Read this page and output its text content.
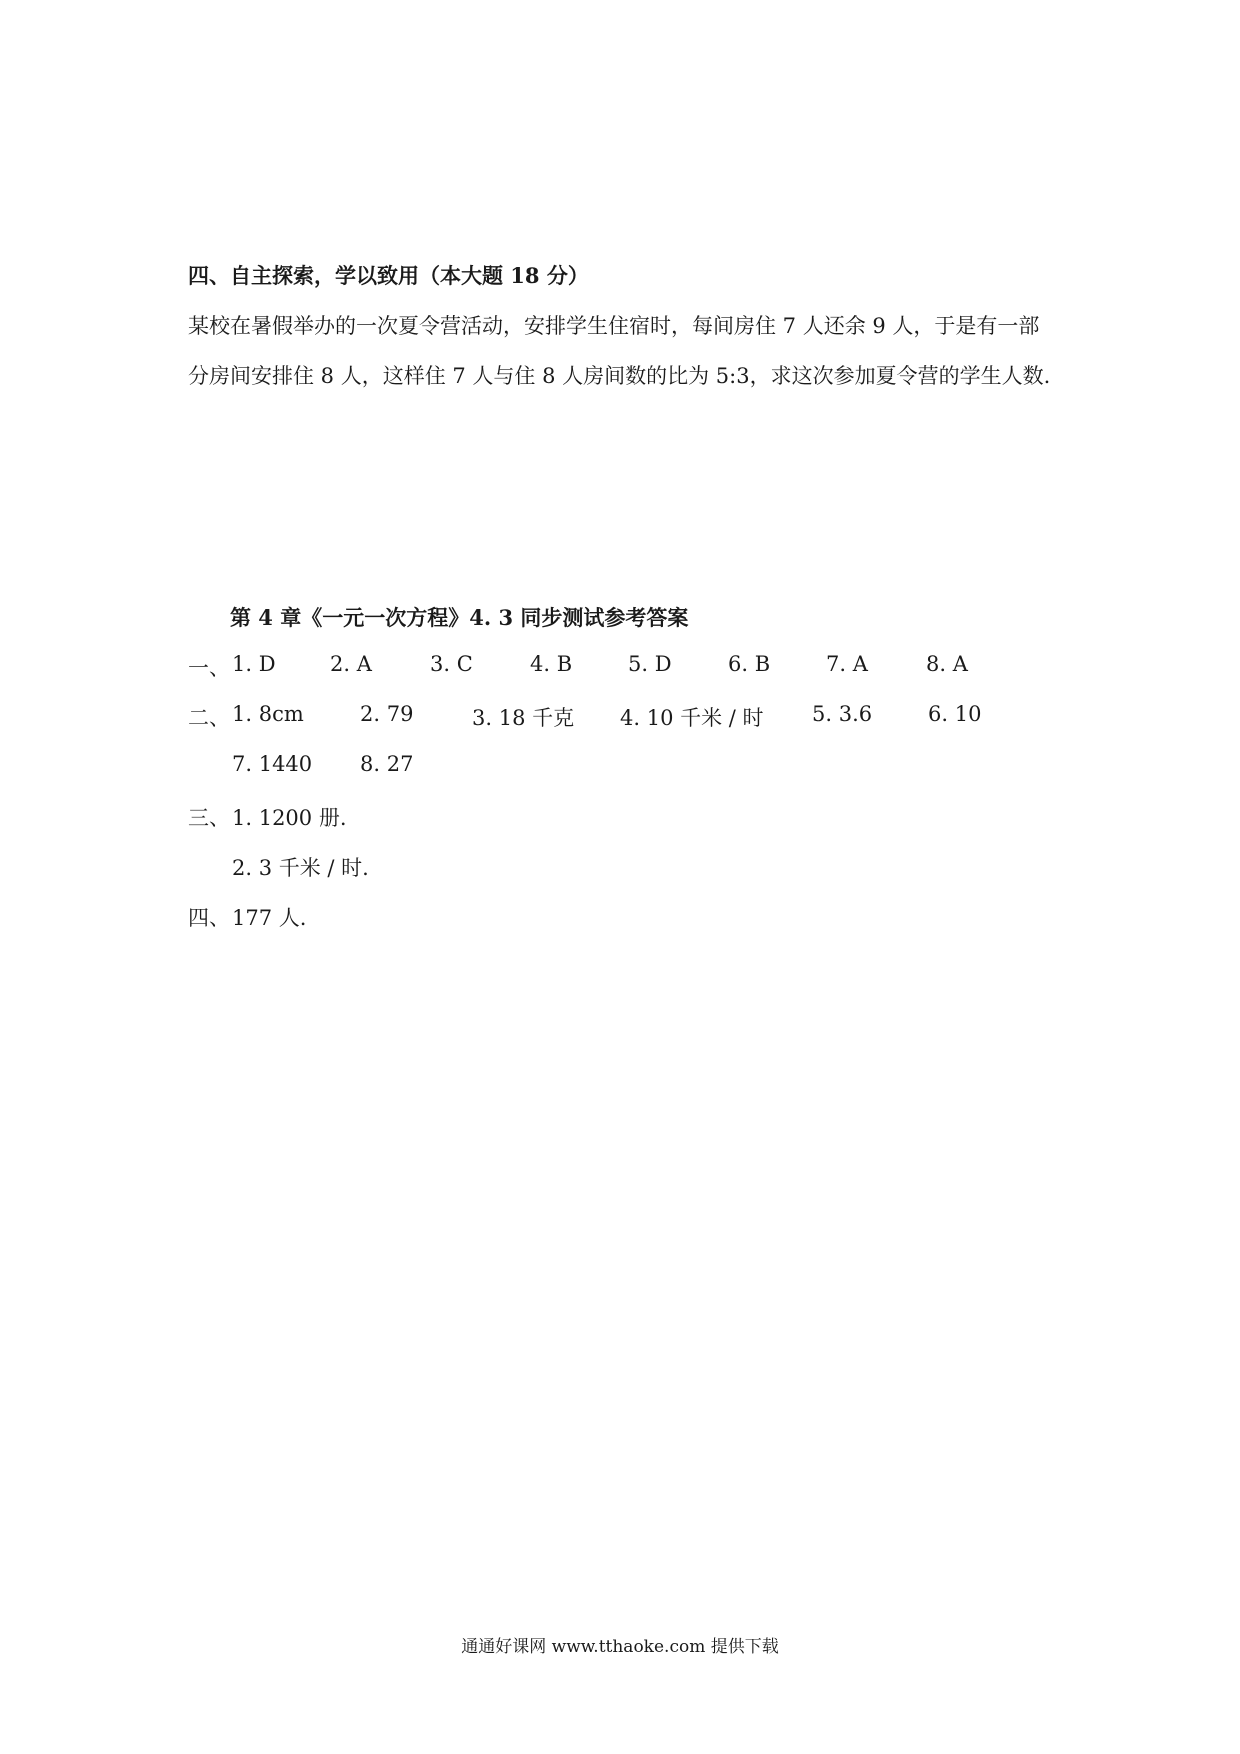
四、自主探索，学以致用（本大题 18 分）
某校在暑假举办的一次夏令营活动，安排学生住宿时，每间房住 7 人还余 9 人，于是有一部
分房间安排住 8 人，这样住 7 人与住 8 人房间数的比为 5:3，求这次参加夏令营的学生人数.
第 4 章《一元一次方程》4. 3 同步测试参考答案
一、 1. D	2. A	3. C	4. B	5. D	6. B	7. A	8. A
二、 1. 8cm	2. 79	3. 18 千克 4. 10 千米 / 时 5. 3.6	6. 10
7. 1440 8. 27
三、 1. 1200 册.
2. 3 千米 / 时.
四、 177 人.
通通好课网 www.tthaoke.com 提供下载
